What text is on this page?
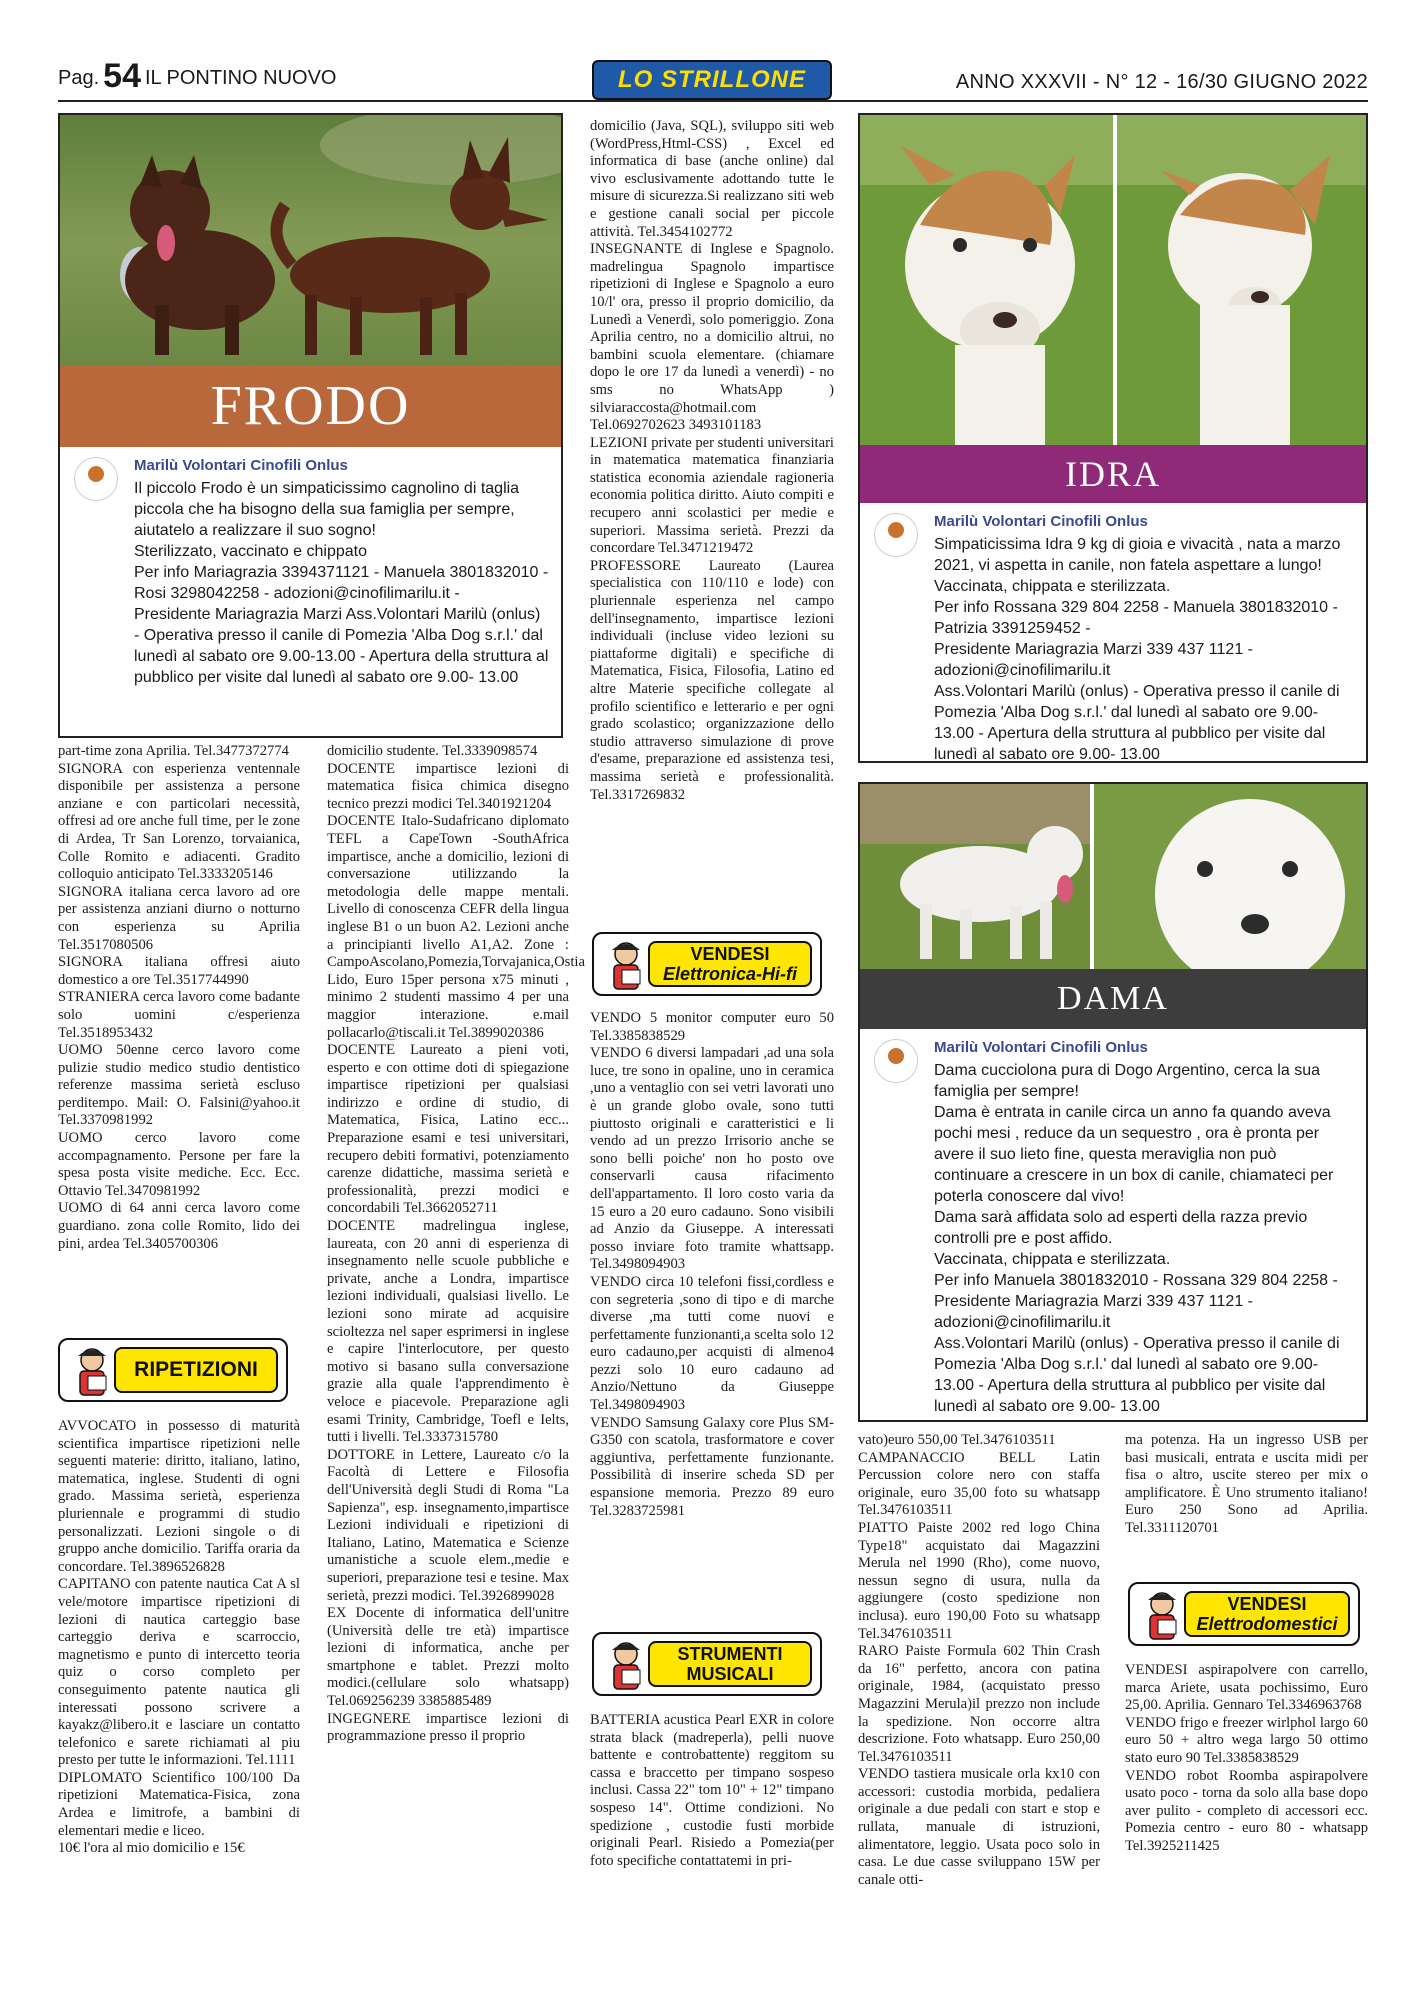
Pag. 54 IL PONTINO NUOVO	ANNO XXXVII - N° 12 - 16/30 GIUGNO 2022
LO STRILLONE
FRODO
Marilù Volontari Cinofili Onlus

Il piccolo Frodo è un simpaticissimo cagnolino di taglia piccola che ha bisogno della sua famiglia per sempre, aiutatelo a realizzare il suo sogno!

Sterilizzato, vaccinato e chippato

Per info Mariagrazia 3394371121 - Manuela 3801832010 - Rosi 3298042258 - adozioni@cinofilimarilu.it -

Presidente Mariagrazia Marzi Ass.Volontari Marilù (onlus) - Operativa presso il canile di Pomezia 'Alba Dog s.r.l.' dal lunedì al sabato ore 9.00-13.00 - Apertura della struttura al pubblico per visite dal lunedì al sabato ore 9.00- 13.00

IDRA
Marilù Volontari Cinofili Onlus

Simpaticissima Idra 9 kg di gioia e vivacità , nata a marzo 2021, vi aspetta in canile, non fatela aspettare a lungo!

Vaccinata, chippata e sterilizzata.

Per info Rossana 329 804 2258 - Manuela 3801832010 - Patrizia 3391259452 -

Presidente Mariagrazia Marzi 339 437 1121 -adozioni@cinofilimarilu.it

Ass.Volontari Marilù (onlus) - Operativa presso il canile di Pomezia 'Alba Dog s.r.l.' dal lunedì al sabato ore 9.00-13.00 - Apertura della struttura al pubblico per visite dal lunedì al sabato ore 9.00- 13.00

DAMA
Marilù Volontari Cinofili Onlus

Dama cucciolona pura di Dogo Argentino, cerca la sua famiglia per sempre!

Dama è entrata in canile circa un anno fa quando aveva pochi mesi , reduce da un sequestro , ora è pronta per avere il suo lieto fine, questa meraviglia non può continuare a crescere in un box di canile, chiamateci per poterla conoscere dal vivo!

Dama sarà affidata solo ad esperti della razza previo controlli pre e post affido.

Vaccinata, chippata e sterilizzata.

Per info Manuela 3801832010 - Rossana 329 804 2258 -

Presidente Mariagrazia Marzi 339 437 1121 -adozioni@cinofilimarilu.it

Ass.Volontari Marilù (onlus) - Operativa presso il canile di Pomezia 'Alba Dog s.r.l.' dal lunedì al sabato ore 9.00-13.00 - Apertura della struttura al pubblico per visite dal lunedì al sabato ore 9.00- 13.00

part-time zona Aprilia. Tel.3477372774

SIGNORA con esperienza ventennale disponibile per assistenza a persone anziane e con particolari necessità, offresi ad ore anche full time, per le zone di Ardea, Tr San Lorenzo, torvaianica, Colle Romito e adiacenti. Gradito colloquio anticipato Tel.3333205146

SIGNORA italiana cerca lavoro ad ore per assistenza anziani diurno o notturno con esperienza su Aprilia Tel.3517080506

SIGNORA italiana offresi aiuto domestico a ore Tel.3517744990

STRANIERA cerca lavoro come badante solo uomini c/esperienza Tel.3518953432

UOMO 50enne cerco lavoro come pulizie studio medico studio dentistico referenze massima serietà escluso perditempo. Mail: O. Falsini@yahoo.it Tel.3370981992

UOMO cerco lavoro come accompagnamento. Persone per fare la spesa posta visite mediche. Ecc. Ecc. Ottavio Tel.3470981992

UOMO di 64 anni cerca lavoro come guardiano. zona colle Romito, lido dei pini, ardea Tel.3405700306

RIPETIZIONI

AVVOCATO in possesso di maturità scientifica impartisce ripetizioni nelle seguenti materie: diritto, italiano, latino, matematica, inglese. Studenti di ogni grado. Massima serietà, esperienza pluriennale e programmi di studio personalizzati. Lezioni singole o di gruppo anche domicilio. Tariffa oraria da concordare. Tel.3896526828

CAPITANO con patente nautica Cat A sl vele/motore impartisce ripetizioni di lezioni di nautica carteggio base carteggio deriva e scarroccio, magnetismo e punto di intercetto teoria quiz o corso completo per conseguimento patente nautica gli interessati possono scrivere a kayakz@libero.it e lasciare un contatto telefonico e sarete richiamati al piu presto per tutte le informazioni. Tel.1111

DIPLOMATO Scientifico 100/100 Da ripetizioni Matematica-Fisica, zona Ardea e limitrofe, a bambini di elementari medie e liceo.

10€ l'ora al mio domicilio e 15€

domicilio studente. Tel.3339098574

DOCENTE impartisce lezioni di matematica fisica chimica disegno tecnico prezzi modici Tel.3401921204

DOCENTE Italo-Sudafricano diplomato TEFL a CapeTown -SouthAfrica impartisce, anche a domicilio, lezioni di conversazione utilizzando la metodologia delle mappe mentali. Livello di conoscenza CEFR della lingua inglese B1 o un buon A2. Lezioni anche a principianti livello A1,A2. Zone : CampoAscolano,Pomezia,Torvajanica,Ostia Lido, Euro 15per persona x75 minuti , minimo 2 studenti massimo 4 per una maggior interazione. e.mail pollacarlo@tiscali.it Tel.3899020386

DOCENTE Laureato a pieni voti, esperto e con ottime doti di spiegazione impartisce ripetizioni per qualsiasi indirizzo e ordine di studio, di Matematica, Fisica, Latino ecc... Preparazione esami e tesi universitari, recupero debiti formativi, potenziamento carenze didattiche, massima serietà e professionalità, prezzi modici e concordabili Tel.3662052711

DOCENTE madrelingua inglese, laureata, con 20 anni di esperienza di insegnamento nelle scuole pubbliche e private, anche a Londra, impartisce lezioni individuali, qualsiasi livello. Le lezioni sono mirate ad acquisire scioltezza nel saper esprimersi in inglese e capire l'interlocutore, per questo motivo si basano sulla conversazione grazie alla quale l'apprendimento è veloce e piacevole. Preparazione agli esami Trinity, Cambridge, Toefl e Ielts, tutti i livelli. Tel.3337315780

DOTTORE in Lettere, Laureato c/o la Facoltà di Lettere e Filosofia dell'Università degli Studi di Roma "La Sapienza", esp. insegnamento,impartisce Lezioni individuali e ripetizioni di Italiano, Latino, Matematica e Scienze umanistiche a scuole elem.,medie e superiori, preparazione tesi e tesine. Max serietà, prezzi modici. Tel.3926899028

EX Docente di informatica dell'unitre (Università delle tre età) impartisce lezioni di informatica, anche per smartphone e tablet. Prezzi molto modici.(cellulare solo whatsapp) Tel.069256239 3385885489

INGEGNERE impartisce lezioni di programmazione presso il proprio

domicilio (Java, SQL), sviluppo siti web (WordPress,Html-CSS) , Excel ed informatica di base (anche online) dal vivo esclusivamente adottando tutte le misure di sicurezza.Si realizzano siti web e gestione canali social per piccole attività. Tel.3454102772

INSEGNANTE di Inglese e Spagnolo. madrelingua Spagnolo impartisce ripetizioni di Inglese e Spagnolo a euro 10/l' ora, presso il proprio domicilio, da Lunedì a Venerdì, solo pomeriggio. Zona Aprilia centro, no a domicilio altrui, no bambini scuola elementare. (chiamare dopo le ore 17 da lunedì a venerdì) - no sms no WhatsApp ) silviaraccosta@hotmail.com Tel.0692702623 3493101183

LEZIONI private per studenti universitari in matematica matematica finanziaria statistica economia aziendale ragioneria economia politica diritto. Aiuto compiti e recupero anni scolastici per medie e superiori. Massima serietà. Prezzi da concordare Tel.3471219472

PROFESSORE Laureato (Laurea specialistica con 110/110 e lode) con pluriennale esperienza nel campo dell'insegnamento, impartisce lezioni individuali (incluse video lezioni su piattaforme digitali) e specifiche di Matematica, Fisica, Filosofia, Latino ed altre Materie specifiche collegate al profilo scientifico e letterario e per ogni grado scolastico; organizzazione dello studio attraverso simulazione di prove d'esame, preparazione ed assistenza tesi, massima serietà e professionalità. Tel.3317269832

VENDESI
Elettronica-Hi-fi

VENDO 5 monitor computer euro 50 Tel.3385838529

VENDO 6 diversi lampadari ,ad una sola luce, tre sono in opaline, uno in ceramica ,uno a ventaglio con sei vetri lavorati uno è un grande globo ovale, sono tutti piuttosto originali e caratteristici e li vendo ad un prezzo Irrisorio anche se sono belli poiche' non ho posto ove conservarli causa rifacimento dell'appartamento. Il loro costo varia da 15 euro a 20 euro cadauno. Sono visibili ad Anzio da Giuseppe. A interessati posso inviare foto tramite whattsapp. Tel.3498094903

VENDO circa 10 telefoni fissi,cordless e con segreteria ,sono di tipo e di marche diverse ,ma tutti come nuovi e perfettamente funzionanti,a scelta solo 12 euro cadauno,per acquisti di almeno4 pezzi solo 10 euro cadauno ad Anzio/Nettuno da Giuseppe Tel.3498094903

VENDO Samsung Galaxy core Plus SM-G350 con scatola, trasformatore e cover aggiuntiva, perfettamente funzionante. Possibilità di inserire scheda SD per espansione memoria. Prezzo 89 euro Tel.3283725981

STRUMENTI
MUSICALI

BATTERIA acustica Pearl EXR in colore strata black (madreperla), pelli nuove battente e controbattente) reggitom su cassa e braccetto per timpano sospeso inclusi. Cassa 22" tom 10" + 12" timpano sospeso 14". Ottime condizioni. No spedizione , custodie fusti morbide originali Pearl. Risiedo a Pomezia(per foto specifiche contattatemi in pri-

vato)euro 550,00 Tel.3476103511

CAMPANACCIO BELL Latin Percussion colore nero con staffa originale, euro 35,00 foto su whatsapp Tel.3476103511

PIATTO Paiste 2002 red logo China Type18" acquistato dai Magazzini Merula nel 1990 (Rho), come nuovo, nessun segno di usura, nulla da aggiungere (costo spedizione non inclusa). euro 190,00 Foto su whatsapp Tel.3476103511

RARO Paiste Formula 602 Thin Crash da 16" perfetto, ancora con patina originale, 1984, (acquistato presso Magazzini Merula)il prezzo non include la spedizione. Non occorre altra descrizione. Foto whatsapp. Euro 250,00 Tel.3476103511

VENDO tastiera musicale orla kx10 con accessori: custodia morbida, pedaliera originale a due pedali con start e stop e rullata, manuale di istruzioni, alimentatore, leggio. Usata poco solo in casa. Le due casse sviluppano 15W per canale otti-

ma potenza. Ha un ingresso USB per basi musicali, entrata e uscita midi per fisa o altro, uscite stereo per mix o amplificatore. È Uno strumento italiano! Euro 250 Sono ad Aprilia. Tel.3311120701

VENDESI
Elettrodomestici

VENDESI aspirapolvere con carrello, marca Ariete, usata pochissimo, Euro 25,00. Aprilia. Gennaro Tel.3346963768

VENDO frigo e freezer wirlphol largo 60 euro 50 + altro wega largo 50 ottimo stato euro 90 Tel.3385838529

VENDO robot Roomba aspirapolvere usato poco - torna da solo alla base dopo aver pulito - completo di accessori ecc. Pomezia centro - euro 80 - whatsapp Tel.3925211425
